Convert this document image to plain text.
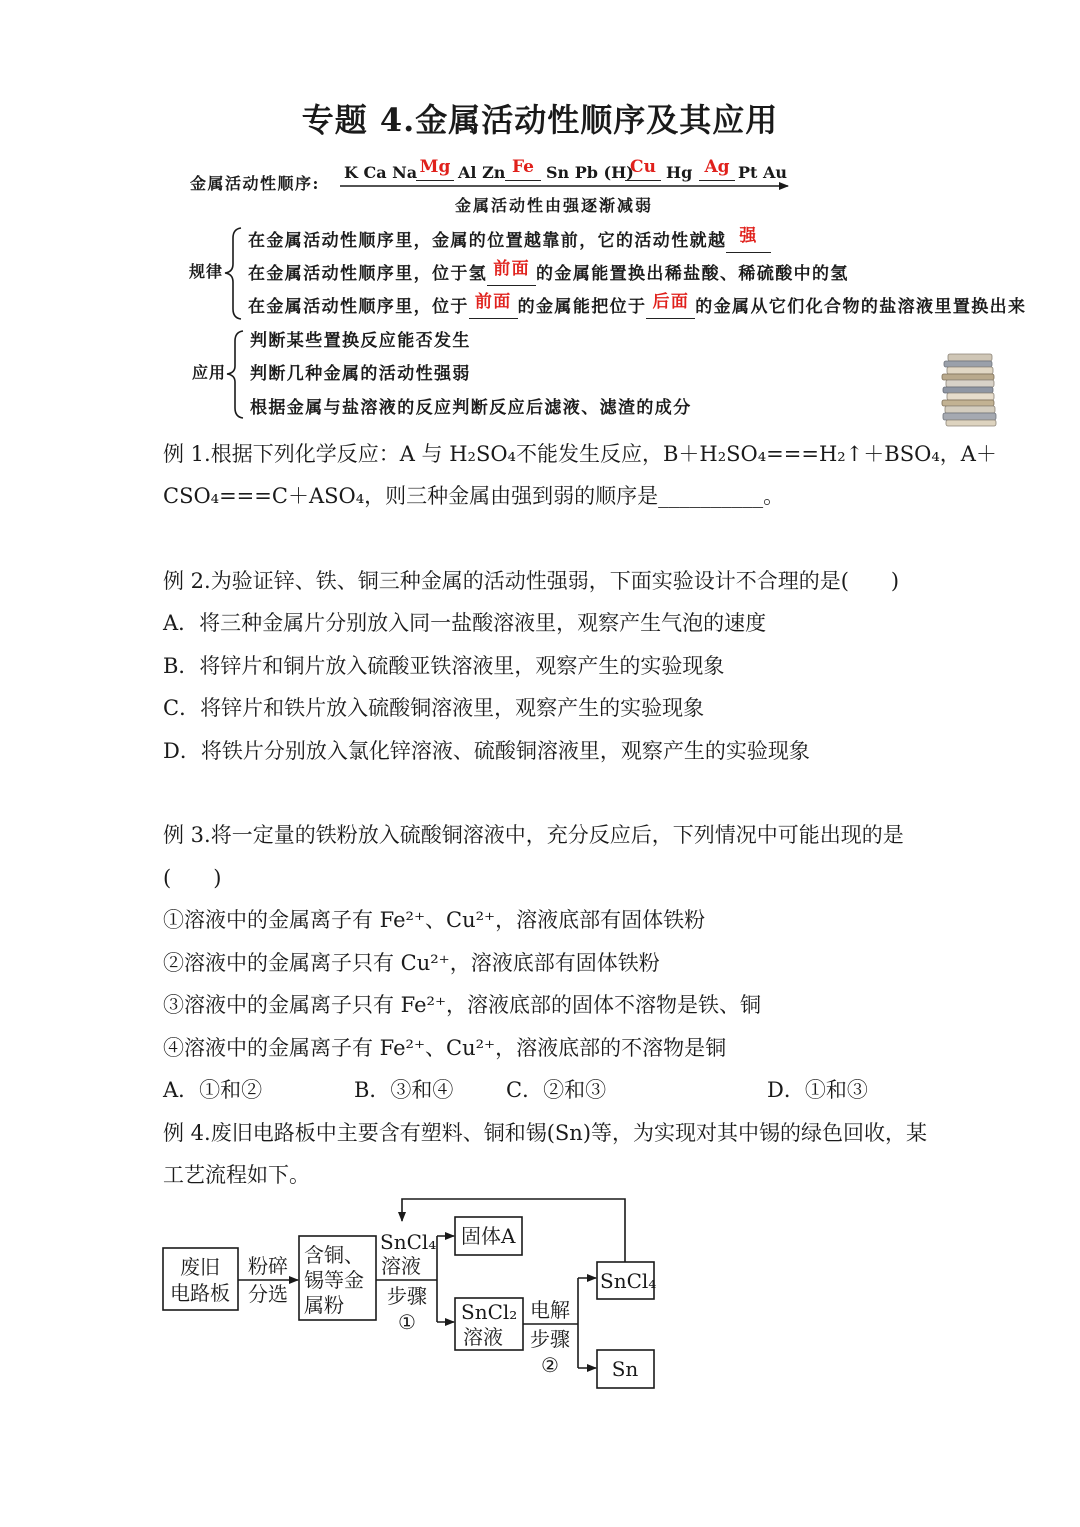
专题 4.金属活动性顺序及其应用
金属活动性顺序:
K Ca Na Mg Al Zn Fe Sn Pb (H)
Cu Hg Ag Pt Au
金属活动性由强逐渐减弱
规律
在金属活动性顺序里，金属的位置越靠前，它的活动性就越 强
在金属活动性顺序里，位于氢 前面 的金属能置换出稀盐酸、稀硫酸中的氢
在金属活动性顺序里，位于 前面 的金属能把位于 后面 的金属从它们化合物的盐溶液里置换出来
应用
判断某些置换反应能否发生
判断几种金属的活动性强弱
根据金属与盐溶液的反应判断反应后滤液、滤渣的成分
例 1.根据下列化学反应：A 与 H₂SO₄不能发生反应，B＋H₂SO₄===H₂↑＋BSO₄，A＋
CSO₄===C＋ASO₄，则三种金属由强到弱的顺序是__________。
例 2.为验证锌、铁、铜三种金属的活动性强弱，下面实验设计不合理的是(　　)
A．将三种金属片分别放入同一盐酸溶液里，观察产生气泡的速度
B．将锌片和铜片放入硫酸亚铁溶液里，观察产生的实验现象
C．将锌片和铁片放入硫酸铜溶液里，观察产生的实验现象
D．将铁片分别放入氯化锌溶液、硫酸铜溶液里，观察产生的实验现象
例 3.将一定量的铁粉放入硫酸铜溶液中，充分反应后，下列情况中可能出现的是
(　　)
①溶液中的金属离子有 Fe²⁺、Cu²⁺，溶液底部有固体铁粉
②溶液中的金属离子只有 Cu²⁺，溶液底部有固体铁粉
③溶液中的金属离子只有 Fe²⁺，溶液底部的固体不溶物是铁、铜
④溶液中的金属离子有 Fe²⁺、Cu²⁺，溶液底部的不溶物是铜
A．①和②	B．③和④	C．②和③	D．①和③
例 4.废旧电路板中主要含有塑料、铜和锡(Sn)等，为实现对其中锡的绿色回收，某
工艺流程如下。
废旧
电路板
粉碎
分选
含铜、
锡等金
属粉
SnCl₄
溶液
步骤
①
固体A
SnCl₂
溶液
电解
步骤
②
SnCl₄
Sn
